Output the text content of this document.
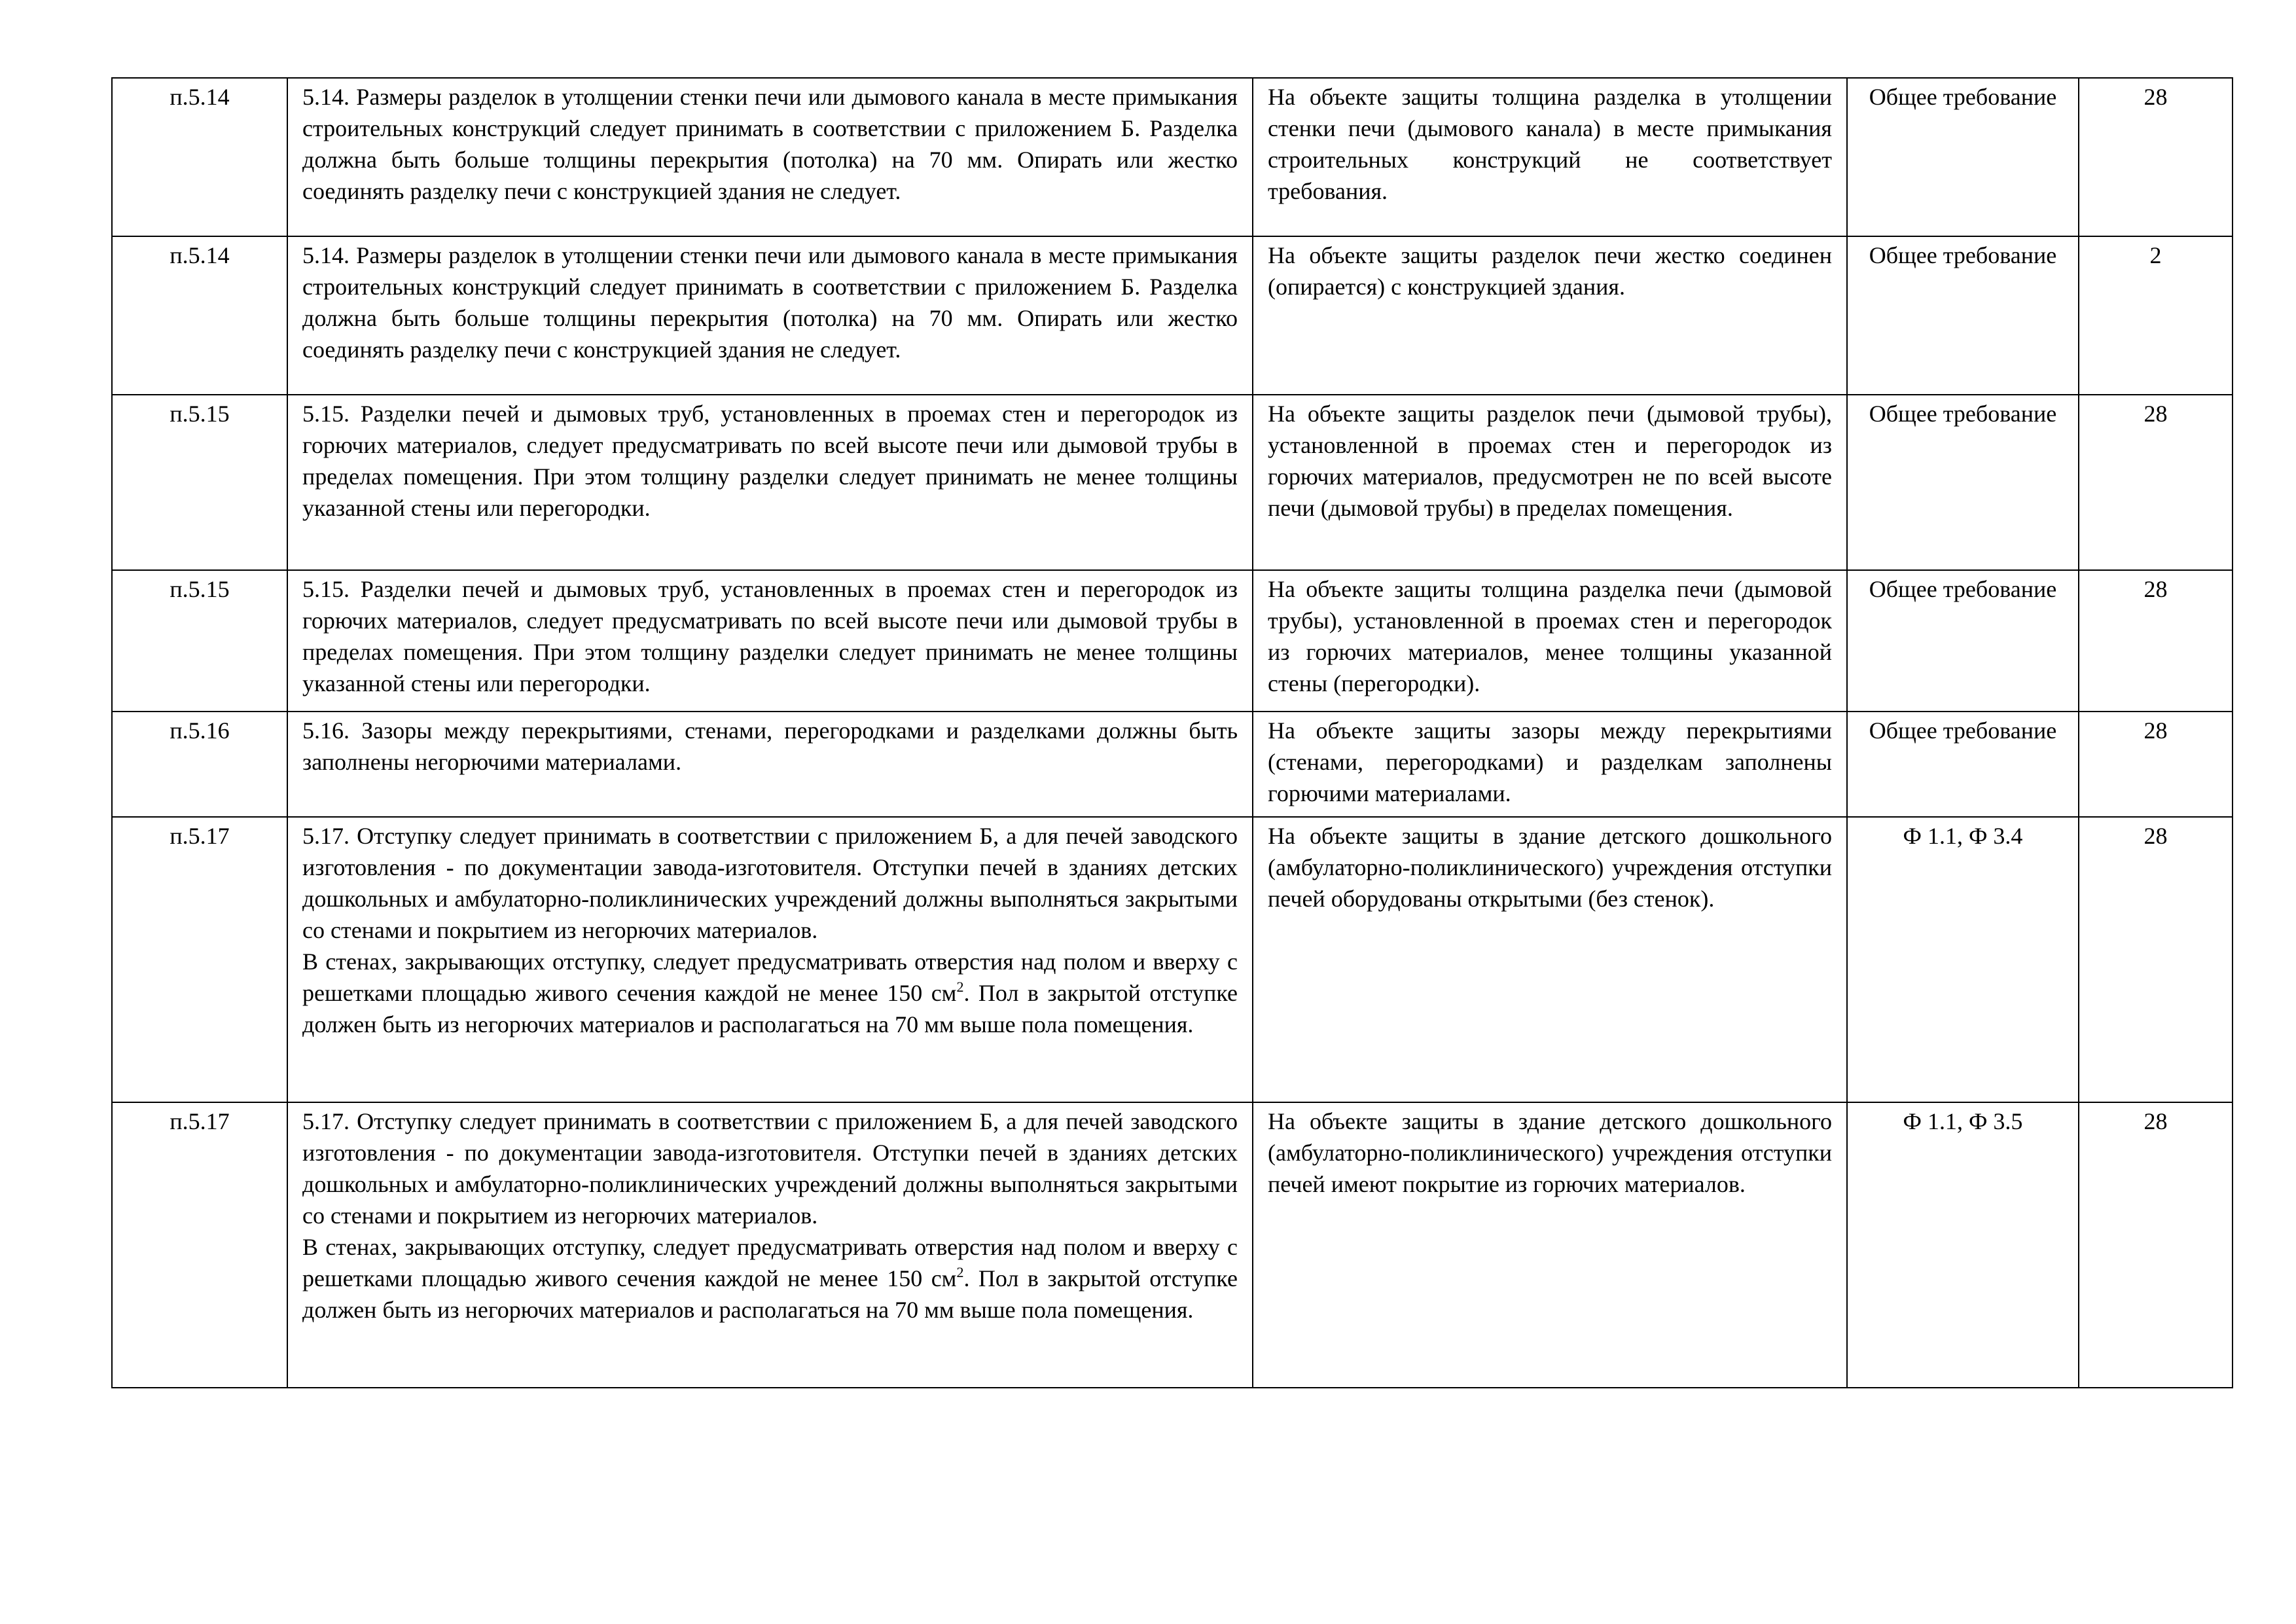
п.5.14	5.14. Размеры разделок в утолщении стенки печи или дымового канала в месте примыкания строительных конструкций следует принимать в соответствии с приложением Б. Разделка должна быть больше толщины перекрытия (потолка) на 70 мм. Опирать или жестко соединять разделку печи с конструкцией здания не следует.	На объекте защиты толщина разделка в утолщении стенки печи (дымового канала) в месте примыкания строительных конструкций не соответствует требования.	Общее требование	28
п.5.14	5.14. Размеры разделок в утолщении стенки печи или дымового канала в месте примыкания строительных конструкций следует принимать в соответствии с приложением Б. Разделка должна быть больше толщины перекрытия (потолка) на 70 мм. Опирать или жестко соединять разделку печи с конструкцией здания не следует.	На объекте защиты разделок печи жестко соединен (опирается) с конструкцией здания.	Общее требование	2
п.5.15	5.15. Разделки печей и дымовых труб, установленных в проемах стен и перегородок из горючих материалов, следует предусматривать по всей высоте печи или дымовой трубы в пределах помещения. При этом толщину разделки следует принимать не менее толщины указанной стены или перегородки.	На объекте защиты разделок печи (дымовой трубы), установленной в проемах стен и перегородок из горючих материалов, предусмотрен не по всей высоте печи (дымовой трубы) в пределах помещения.	Общее требование	28
п.5.15	5.15. Разделки печей и дымовых труб, установленных в проемах стен и перегородок из горючих материалов, следует предусматривать по всей высоте печи или дымовой трубы в пределах помещения. При этом толщину разделки следует принимать не менее толщины указанной стены или перегородки.	На объекте защиты толщина разделка печи (дымовой трубы), установленной в проемах стен и перегородок из горючих материалов, менее толщины указанной стены (перегородки).	Общее требование	28
п.5.16	5.16. Зазоры между перекрытиями, стенами, перегородками и разделками должны быть заполнены негорючими материалами.	На объекте защиты зазоры между перекрытиями (стенами, перегородками) и разделкам заполнены горючими материалами.	Общее требование	28
п.5.17	5.17. Отступку следует принимать в соответствии с приложением Б, а для печей заводского изготовления - по документации завода-изготовителя. Отступки печей в зданиях детских дошкольных и амбулаторно-поликлинических учреждений должны выполняться закрытыми со стенами и покрытием из негорючих материалов.
В стенах, закрывающих отступку, следует предусматривать отверстия над полом и вверху с решетками площадью живого сечения каждой не менее 150 $см^2$. Пол в закрытой отступке должен быть из негорючих материалов и располагаться на 70 мм выше пола помещения.	На объекте защиты в здание детского дошкольного (амбулаторно-поликлинического) учреждения отступки печей оборудованы открытыми (без стенок).	Ф 1.1, Ф 3.4	28
п.5.17	5.17. Отступку следует принимать в соответствии с приложением Б, а для печей заводского изготовления - по документации завода-изготовителя. Отступки печей в зданиях детских дошкольных и амбулаторно-поликлинических учреждений должны выполняться закрытыми со стенами и покрытием из негорючих материалов.
В стенах, закрывающих отступку, следует предусматривать отверстия над полом и вверху с решетками площадью живого сечения каждой не менее 150 $см^2$. Пол в закрытой отступке должен быть из негорючих материалов и располагаться на 70 мм выше пола помещения.	На объекте защиты в здание детского дошкольного (амбулаторно-поликлинического) учреждения отступки печей имеют покрытие из горючих материалов.	Ф 1.1, Ф 3.5	28
